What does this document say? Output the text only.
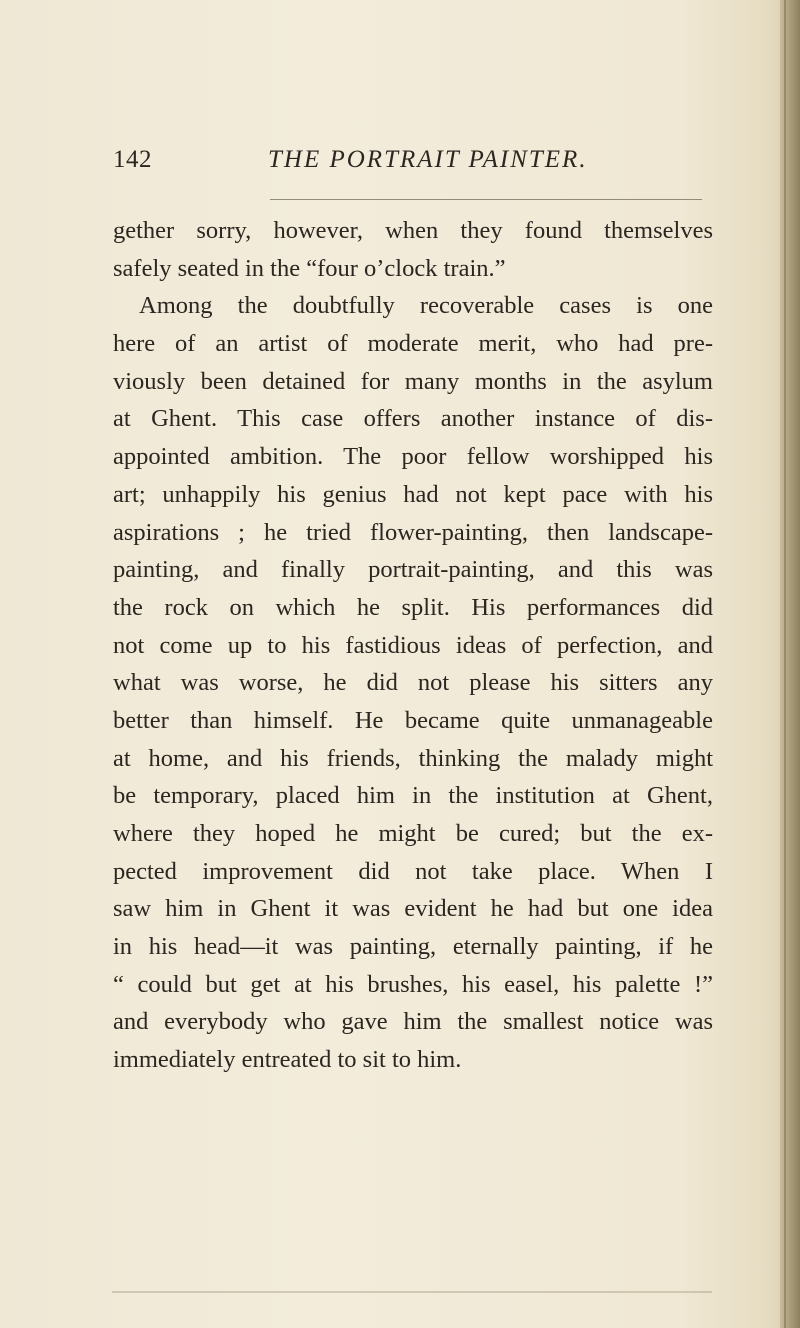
142	THE PORTRAIT PAINTER.
gether sorry, however, when they found themselves
safely seated in the “four o’clock train.”
Among the doubtfully recoverable cases is one
here of an artist of moderate merit, who had pre-
viously been detained for many months in the asylum
at Ghent. This case offers another instance of dis-
appointed ambition. The poor fellow worshipped his
art; unhappily his genius had not kept pace with his
aspirations ; he tried flower-painting, then landscape-
painting, and finally portrait-painting, and this was
the rock on which he split. His performances did
not come up to his fastidious ideas of perfection, and
what was worse, he did not please his sitters any
better than himself. He became quite unmanageable
at home, and his friends, thinking the malady might
be temporary, placed him in the institution at Ghent,
where they hoped he might be cured; but the ex-
pected improvement did not take place. When I
saw him in Ghent it was evident he had but one idea
in his head—it was painting, eternally painting, if he
“ could but get at his brushes, his easel, his palette !”
and everybody who gave him the smallest notice was
immediately entreated to sit to him.
